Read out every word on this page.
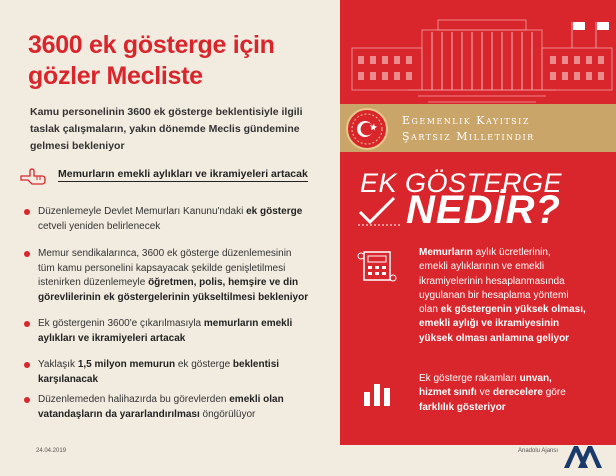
3600 ek gösterge için
gözler Mecliste
Kamu personelinin 3600 ek gösterge beklentisiyle ilgili
taslak çalışmaların, yakın dönemde Meclis gündemine
gelmesi bekleniyor
Memurların emekli aylıkları ve ikramiyeleri artacak
Düzenlemeyle Devlet Memurları Kanunu'ndaki ek gösterge
cetveli yeniden belirlenecek
Memur sendikalarınca, 3600 ek gösterge düzenlemesinin
tüm kamu personelini kapsayacak şekilde genişletilmesi
istenirken düzenlemeyle öğretmen, polis, hemşire ve din
görevlilerinin ek göstergelerinin yükseltilmesi bekleniyor
Ek göstergenin 3600'e çıkarılmasıyla memurların emekli
aylıkları ve ikramiyeleri artacak
Yaklaşık 1,5 milyon memurun ek gösterge beklentisi
karşılanacak
Düzenlemeden halihazırda bu görevlerden emekli olan
vatandaşların da yararlandırılması öngörülüyor
24.04.2019
Egemenlik Kayıtsız
Şartsız Milletindir
EK GÖSTERGE
NEDİR?
Memurların aylık ücretlerinin,
emekli aylıklarının ve emekli
ikramiyelerinin hesaplanmasında
uygulanan bir hesaplama yöntemi
olan ek göstergenin yüksek olması,
emekli aylığı ve ikramiyesinin
yüksek olması anlamına geliyor
Ek gösterge rakamları unvan,
hizmet sınıfı ve derecelere göre
farklılık gösteriyor
Anadolu Ajansı
